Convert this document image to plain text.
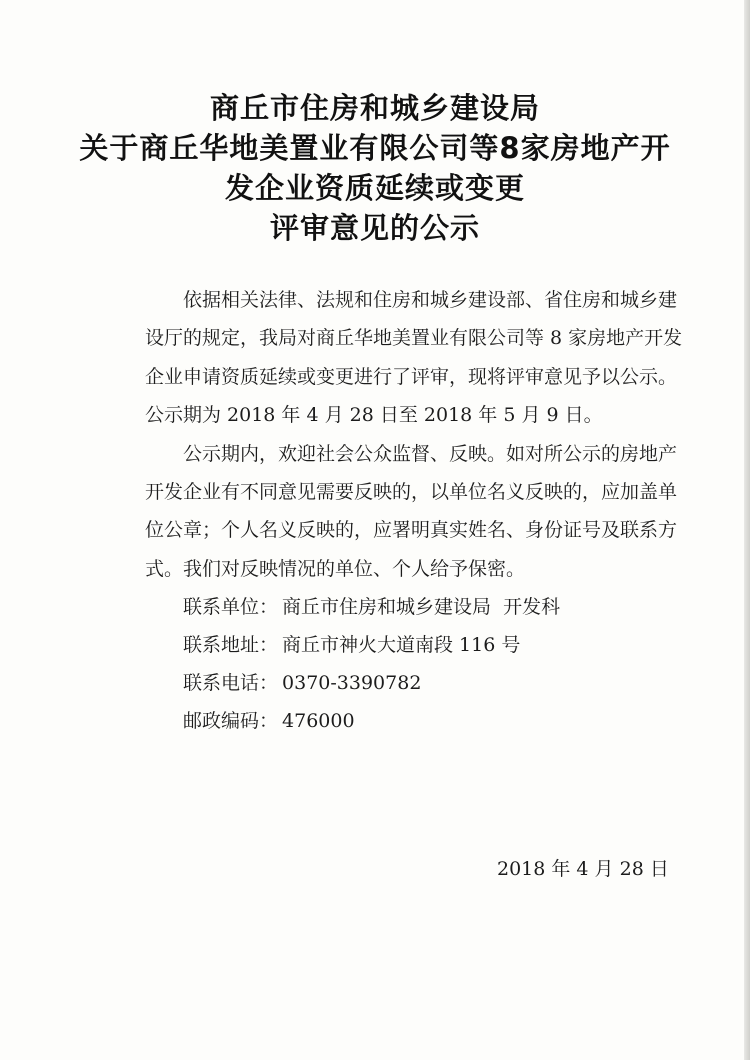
商丘市住房和城乡建设局
关于商丘华地美置业有限公司等8家房地产开
发企业资质延续或变更
评审意见的公示
依据相关法律、法规和住房和城乡建设部、省住房和城乡建
设厅的规定，我局对商丘华地美置业有限公司等 8 家房地产开发
企业申请资质延续或变更进行了评审，现将评审意见予以公示。
公示期为 2018 年 4 月 28 日至 2018 年 5 月 9 日。
公示期内，欢迎社会公众监督、反映。如对所公示的房地产
开发企业有不同意见需要反映的，以单位名义反映的，应加盖单
位公章；个人名义反映的，应署明真实姓名、身份证号及联系方
式。我们对反映情况的单位、个人给予保密。
联系单位： 商丘市住房和城乡建设局  开发科
联系地址： 商丘市神火大道南段 116 号
联系电话： 0370-3390782
邮政编码： 476000
2018 年 4 月 28 日
